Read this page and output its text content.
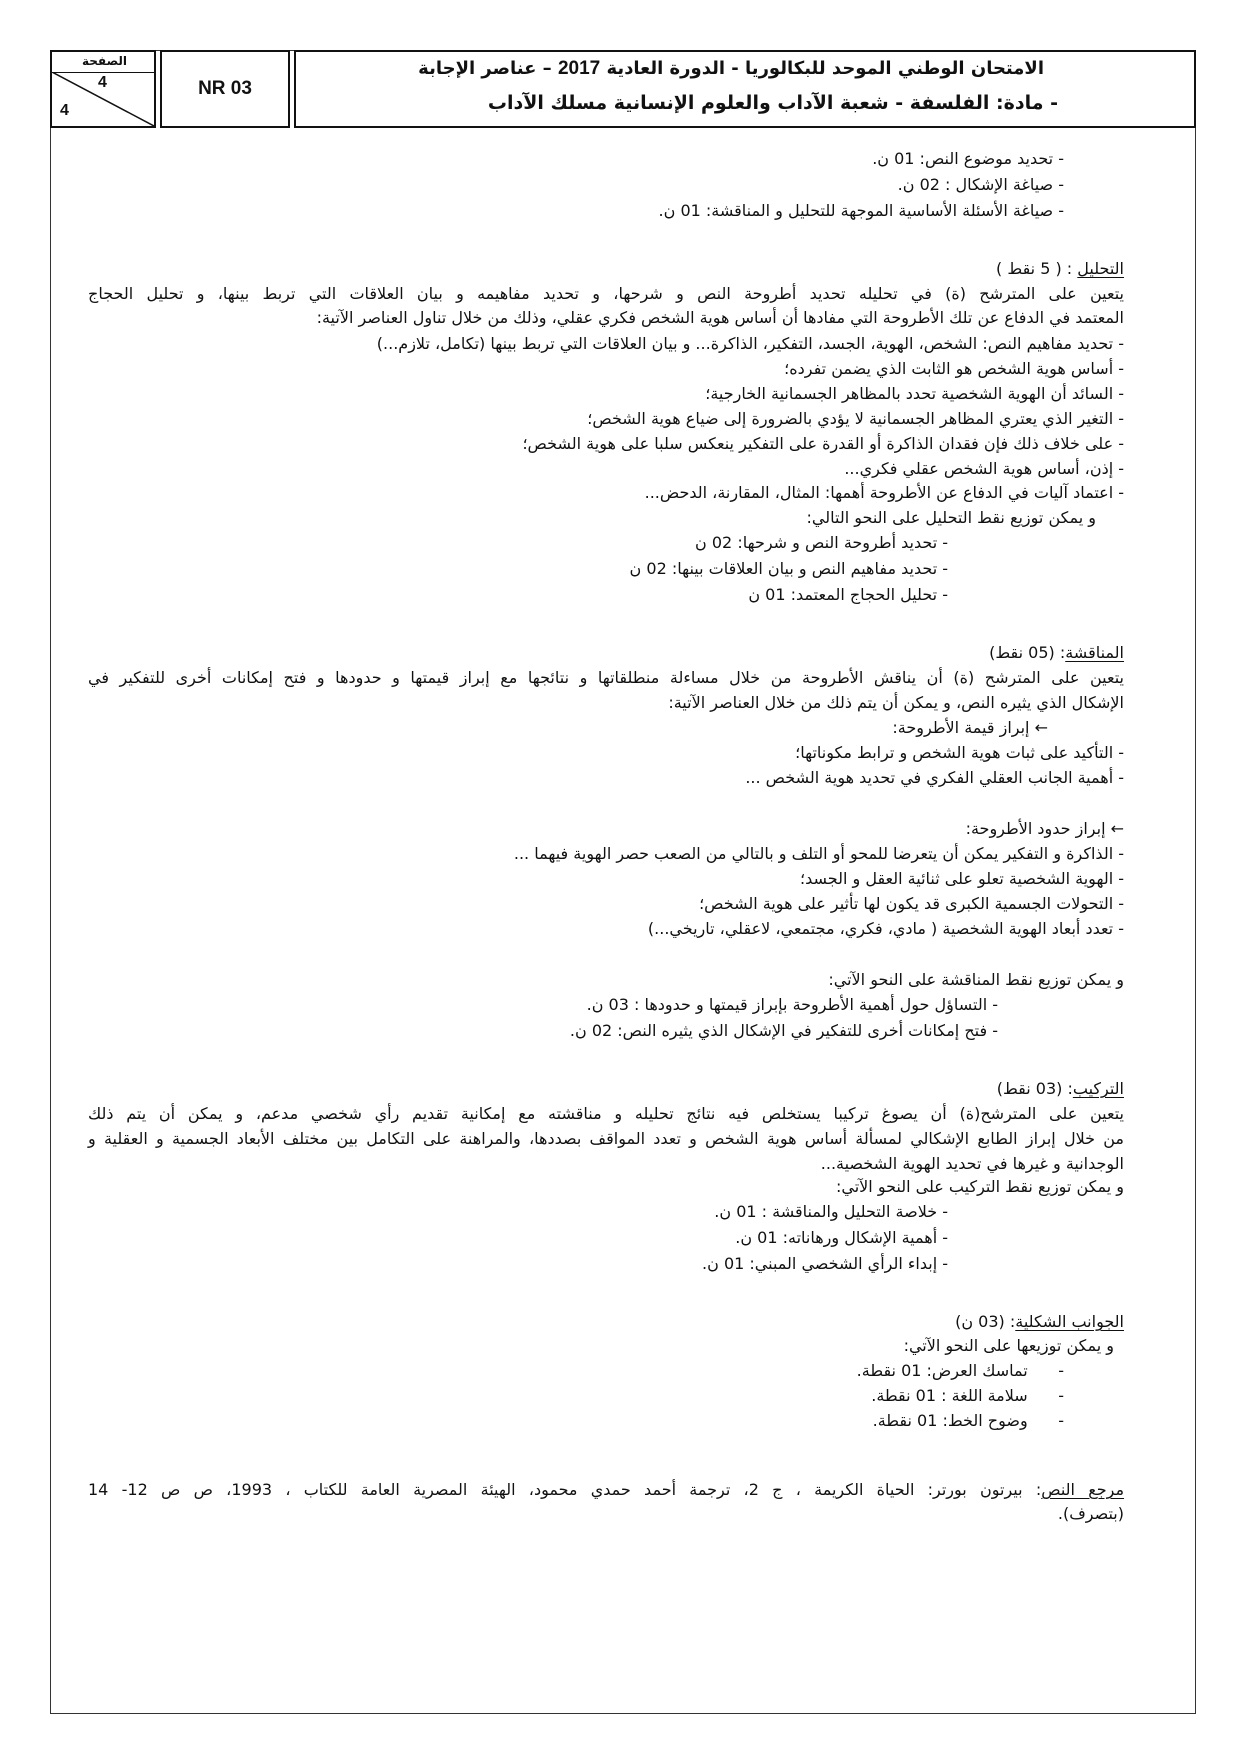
الصفحة
4
4
NR 03
الامتحان الوطني الموحد للبكالوريا - الدورة العادية 2017 – عناصر الإجابة
- مادة: الفلسفة - شعبة الآداب والعلوم الإنسانية مسلك الآداب
- تحديد موضوع النص: 01 ن.
- صياغة الإشكال : 02 ن.
- صياغة الأسئلة الأساسية الموجهة للتحليل و المناقشة: 01 ن.
التحليل : ( 5 نقط )
يتعين على المترشح (ة) في تحليله تحديد أطروحة النص و شرحها، و تحديد مفاهيمه و بيان العلاقات التي تربط بينها، و تحليل الحجاج
المعتمد في الدفاع عن تلك الأطروحة التي مفادها أن أساس هوية الشخص فكري عقلي، وذلك من خلال تناول العناصر الآتية:
- تحديد مفاهيم النص: الشخص، الهوية، الجسد، التفكير، الذاكرة... و بيان العلاقات التي تربط بينها (تكامل، تلازم...)
- أساس هوية الشخص هو الثابت الذي يضمن تفرده؛
- السائد أن الهوية الشخصية تحدد بالمظاهر الجسمانية الخارجية؛
- التغير الذي يعتري المظاهر الجسمانية لا يؤدي بالضرورة إلى ضياع هوية الشخص؛
- على خلاف ذلك فإن فقدان الذاكرة أو القدرة على التفكير ينعكس سلبا على هوية الشخص؛
- إذن، أساس هوية الشخص عقلي فكري...
- اعتماد آليات في الدفاع عن الأطروحة أهمها: المثال، المقارنة، الدحض...
و يمكن توزيع نقط التحليل على النحو التالي:
- تحديد أطروحة النص و شرحها: 02 ن
- تحديد مفاهيم النص و بيان العلاقات بينها: 02 ن
- تحليل الحجاج المعتمد: 01 ن
المناقشة: (05 نقط)
يتعين على المترشح (ة) أن يناقش الأطروحة من خلال مساءلة منطلقاتها و نتائجها مع إبراز قيمتها و حدودها و فتح إمكانات أخرى للتفكير في
الإشكال الذي يثيره النص، و يمكن أن يتم ذلك من خلال العناصر الآتية:
← إبراز قيمة الأطروحة:
- التأكيد على ثبات هوية الشخص و ترابط مكوناتها؛
- أهمية الجانب العقلي الفكري في تحديد هوية الشخص ...
← إبراز حدود الأطروحة:
- الذاكرة و التفكير يمكن أن يتعرضا للمحو أو التلف و بالتالي من الصعب حصر الهوية فيهما ...
- الهوية الشخصية تعلو على ثنائية العقل و الجسد؛
- التحولات الجسمية الكبرى قد يكون لها تأثير على هوية الشخص؛
- تعدد أبعاد الهوية الشخصية ( مادي، فكري، مجتمعي، لاعقلي، تاريخي...)
و يمكن توزيع نقط المناقشة على النحو الآتي:
- التساؤل حول أهمية الأطروحة بإبراز قيمتها و حدودها : 03 ن.
- فتح إمكانات أخرى للتفكير في الإشكال الذي يثيره النص: 02 ن.
التركيب: (03 نقط)
يتعين على المترشح(ة) أن يصوغ تركيبا يستخلص فيه نتائج تحليله و مناقشته مع إمكانية تقديم رأي شخصي مدعم، و يمكن أن يتم ذلك
من خلال إبراز الطابع الإشكالي لمسألة أساس هوية الشخص و تعدد المواقف بصددها، والمراهنة على التكامل بين مختلف الأبعاد الجسمية و العقلية و
الوجدانية و غيرها في تحديد الهوية الشخصية...
و يمكن توزيع نقط التركيب على النحو الآتي:
- خلاصة التحليل والمناقشة : 01 ن.
- أهمية الإشكال ورهاناته: 01 ن.
- إبداء الرأي الشخصي المبني: 01 ن.
الجوانب الشكلية: (03 ن)
و يمكن توزيعها على النحو الآتي:
-      تماسك العرض: 01 نقطة.
-      سلامة اللغة : 01 نقطة.
-      وضوح الخط: 01 نقطة.
مرجع النص: بيرتون بورتر: الحياة الكريمة ، ج 2، ترجمة أحمد حمدي محمود، الهيئة المصرية العامة للكتاب ، 1993، ص ص 12- 14
(بتصرف).
